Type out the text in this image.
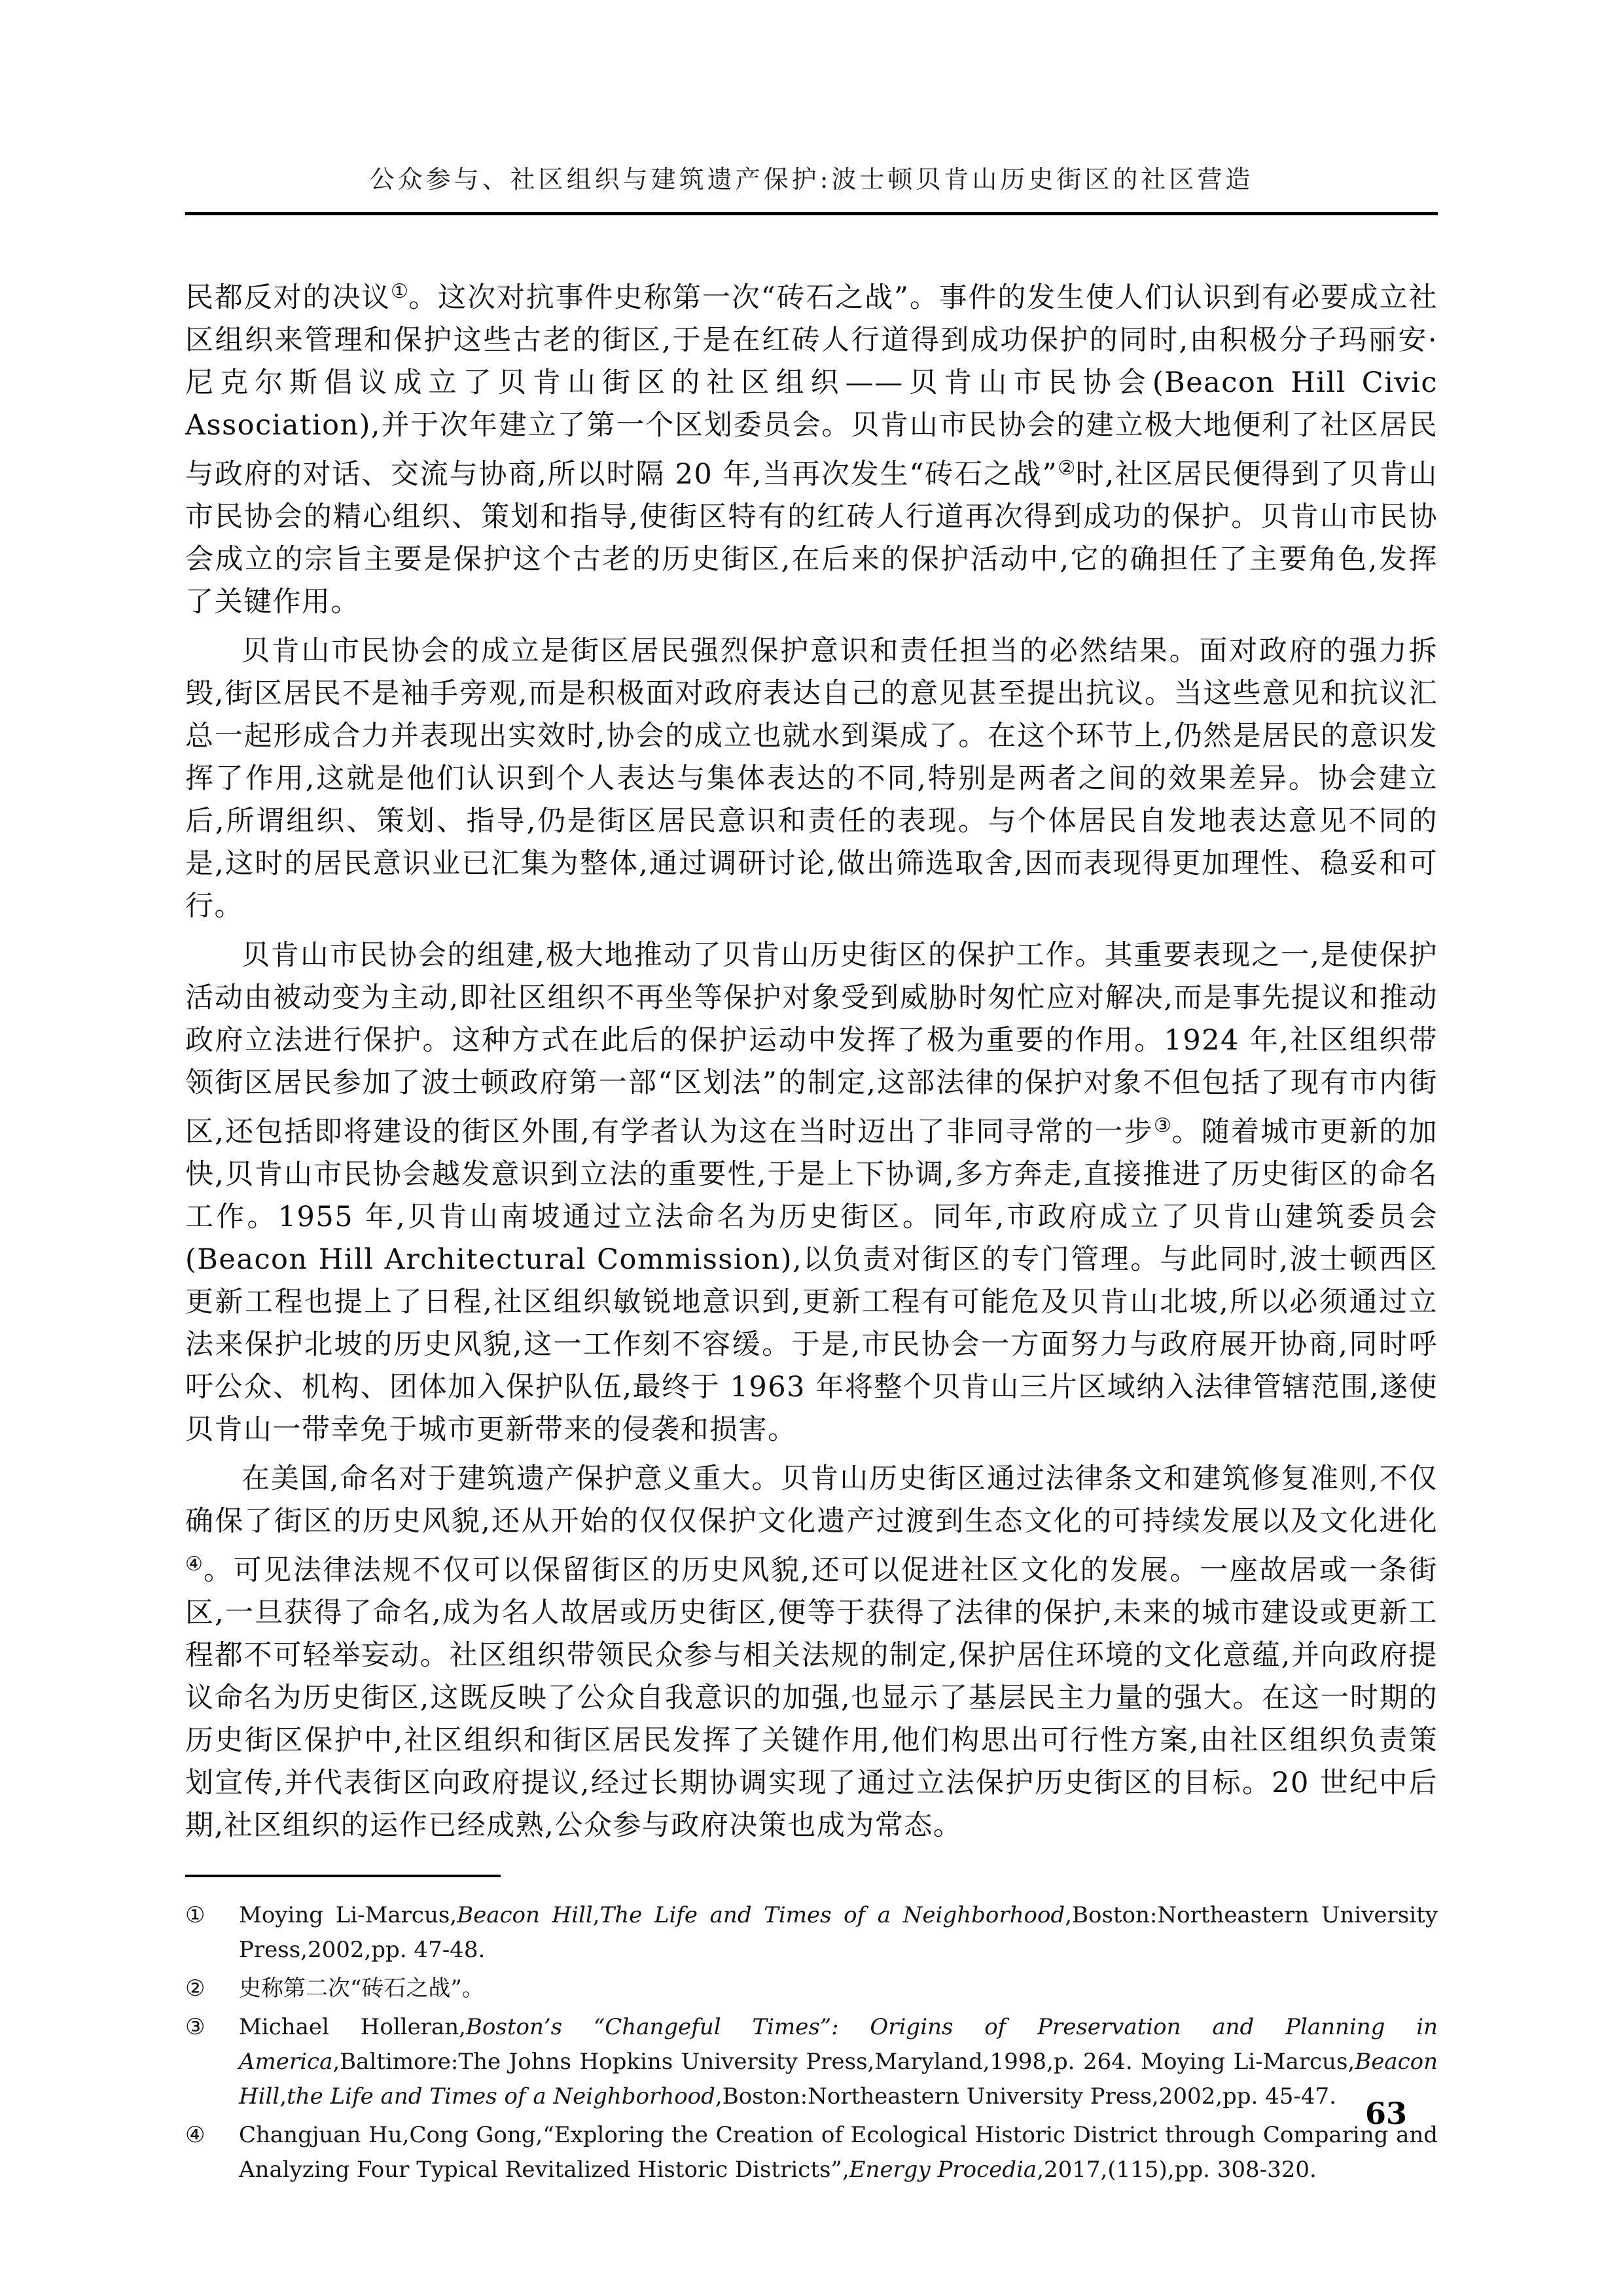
公众参与、社区组织与建筑遗产保护:波士顿贝肯山历史街区的社区营造

民都反对的决议①。这次对抗事件史称第一次“砖石之战”。事件的发生使人们认识到有必要成立社区组织来管理和保护这些古老的街区,于是在红砖人行道得到成功保护的同时,由积极分子玛丽安·尼克尔斯倡议成立了贝肯山街区的社区组织——贝肯山市民协会(Beacon Hill Civic Association),并于次年建立了第一个区划委员会。贝肯山市民协会的建立极大地便利了社区居民与政府的对话、交流与协商,所以时隔 20 年,当再次发生“砖石之战”②时,社区居民便得到了贝肯山市民协会的精心组织、策划和指导,使街区特有的红砖人行道再次得到成功的保护。贝肯山市民协会成立的宗旨主要是保护这个古老的历史街区,在后来的保护活动中,它的确担任了主要角色,发挥了关键作用。

贝肯山市民协会的成立是街区居民强烈保护意识和责任担当的必然结果。面对政府的强力拆毁,街区居民不是袖手旁观,而是积极面对政府表达自己的意见甚至提出抗议。当这些意见和抗议汇总一起形成合力并表现出实效时,协会的成立也就水到渠成了。在这个环节上,仍然是居民的意识发挥了作用,这就是他们认识到个人表达与集体表达的不同,特别是两者之间的效果差异。协会建立后,所谓组织、策划、指导,仍是街区居民意识和责任的表现。与个体居民自发地表达意见不同的是,这时的居民意识业已汇集为整体,通过调研讨论,做出筛选取舍,因而表现得更加理性、稳妥和可行。

贝肯山市民协会的组建,极大地推动了贝肯山历史街区的保护工作。其重要表现之一,是使保护活动由被动变为主动,即社区组织不再坐等保护对象受到威胁时匆忙应对解决,而是事先提议和推动政府立法进行保护。这种方式在此后的保护运动中发挥了极为重要的作用。1924 年,社区组织带领街区居民参加了波士顿政府第一部“区划法”的制定,这部法律的保护对象不但包括了现有市内街区,还包括即将建设的街区外围,有学者认为这在当时迈出了非同寻常的一步③。随着城市更新的加快,贝肯山市民协会越发意识到立法的重要性,于是上下协调,多方奔走,直接推进了历史街区的命名工作。1955 年,贝肯山南坡通过立法命名为历史街区。同年,市政府成立了贝肯山建筑委员会(Beacon Hill Architectural Commission),以负责对街区的专门管理。与此同时,波士顿西区更新工程也提上了日程,社区组织敏锐地意识到,更新工程有可能危及贝肯山北坡,所以必须通过立法来保护北坡的历史风貌,这一工作刻不容缓。于是,市民协会一方面努力与政府展开协商,同时呼吁公众、机构、团体加入保护队伍,最终于 1963 年将整个贝肯山三片区域纳入法律管辖范围,遂使贝肯山一带幸免于城市更新带来的侵袭和损害。

在美国,命名对于建筑遗产保护意义重大。贝肯山历史街区通过法律条文和建筑修复准则,不仅确保了街区的历史风貌,还从开始的仅仅保护文化遗产过渡到生态文化的可持续发展以及文化进化④。可见法律法规不仅可以保留街区的历史风貌,还可以促进社区文化的发展。一座故居或一条街区,一旦获得了命名,成为名人故居或历史街区,便等于获得了法律的保护,未来的城市建设或更新工程都不可轻举妄动。社区组织带领民众参与相关法规的制定,保护居住环境的文化意蕴,并向政府提议命名为历史街区,这既反映了公众自我意识的加强,也显示了基层民主力量的强大。在这一时期的历史街区保护中,社区组织和街区居民发挥了关键作用,他们构思出可行性方案,由社区组织负责策划宣传,并代表街区向政府提议,经过长期协调实现了通过立法保护历史街区的目标。20 世纪中后期,社区组织的运作已经成熟,公众参与政府决策也成为常态。

① Moying Li-Marcus,Beacon Hill,The Life and Times of a Neighborhood,Boston:Northeastern University Press,2002,pp. 47-48.
② 史称第二次“砖石之战”。
③ Michael Holleran,Boston’s “Changeful Times”: Origins of Preservation and Planning in America,Baltimore:The Johns Hopkins University Press,Maryland,1998,p. 264. Moying Li-Marcus,Beacon Hill,the Life and Times of a Neighborhood,Boston:Northeastern University Press,2002,pp. 45-47.
④ Changjuan Hu,Cong Gong,“Exploring the Creation of Ecological Historic District through Comparing and Analyzing Four Typical Revitalized Historic Districts”,Energy Procedia,2017,(115),pp. 308-320.
63
